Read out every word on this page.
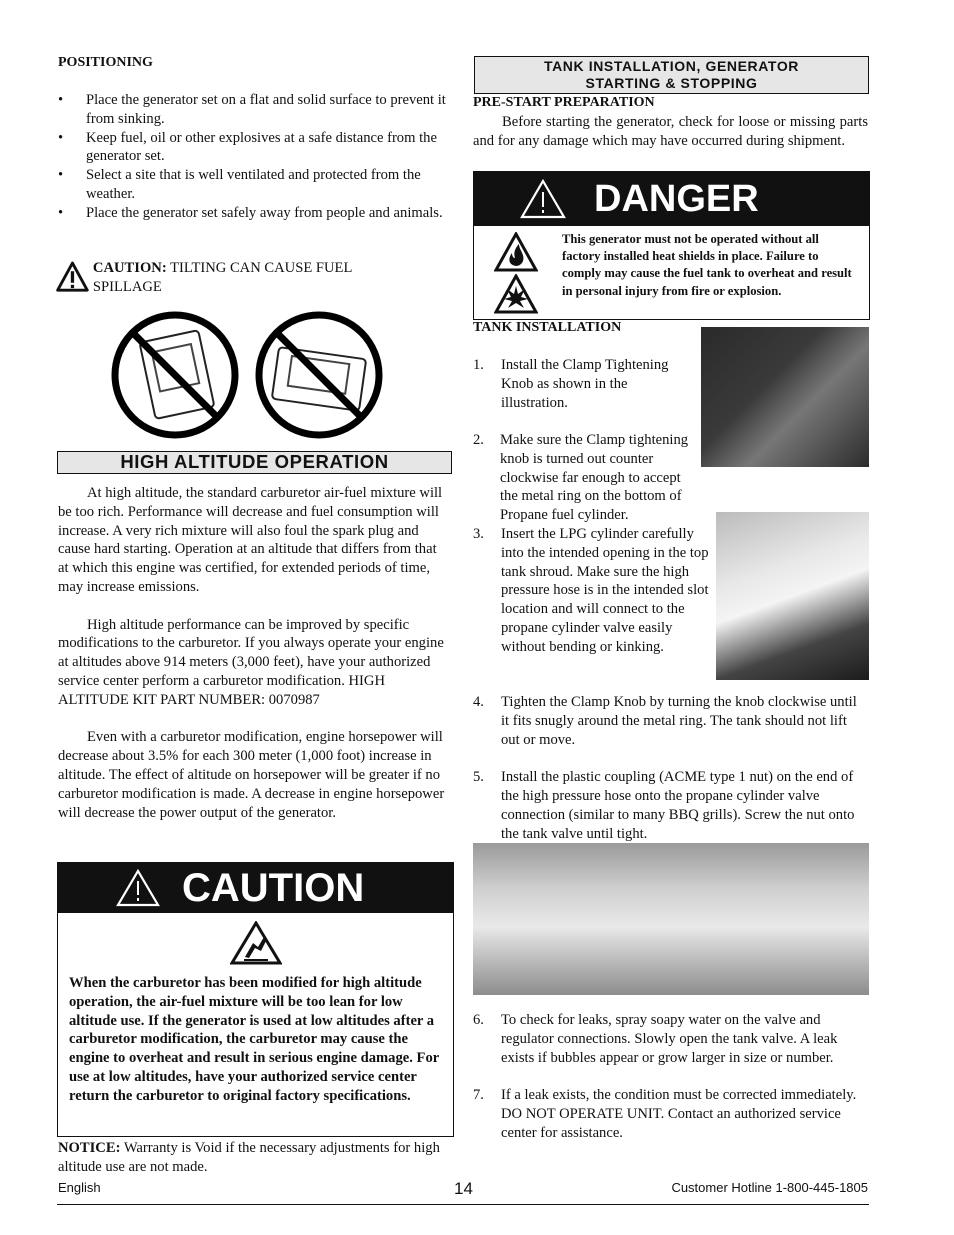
POSITIONING
• Place the generator set on a flat and solid surface to prevent it from sinking.
• Keep fuel, oil or other explosives at a safe distance from the generator set.
• Select a site that is well ventilated and protected from the weather.
• Place the generator set safely away from people and animals.
CAUTION: TILTING CAN CAUSE FUEL SPILLAGE
HIGH ALTITUDE OPERATION

At high altitude, the standard carburetor air-fuel mixture will be too rich. Performance will decrease and fuel consumption will increase. A very rich mixture will also foul the spark plug and cause hard starting. Operation at an altitude that differs from that at which this engine was certified, for extended periods of time, may increase emissions.

High altitude performance can be improved by specific modifications to the carburetor. If you always operate your engine at altitudes above 914 meters (3,000 feet), have your authorized service center perform a carburetor modification. HIGH ALTITUDE KIT PART NUMBER: 0070987

Even with a carburetor modification, engine horsepower will decrease about 3.5% for each 300 meter (1,000 foot) increase in altitude. The effect of altitude on horsepower will be greater if no carburetor modification is made. A decrease in engine horsepower will decrease the power output of the generator.

CAUTION
When the carburetor has been modified for high altitude operation, the air-fuel mixture will be too lean for low altitude use. If the generator is used at low altitudes after a carburetor modification, the carburetor may cause the engine to overheat and result in serious engine damage. For use at low altitudes, have your authorized service center return the carburetor to original factory specifications.
NOTICE: Warranty is Void if the necessary adjustments for high altitude use are not made.
TANK INSTALLATION, GENERATOR
STARTING & STOPPING
PRE-START PREPARATION

Before starting the generator, check for loose or missing parts and for any damage which may have occurred during shipment.

DANGER
This generator must not be operated without all factory installed heat shields in place. Failure to comply may cause the fuel tank to overheat and result in personal injury from fire or explosion.
TANK INSTALLATION
1. Install the Clamp Tightening Knob as shown in the illustration.
2. Make sure the Clamp tightening knob is turned out counter clockwise far enough to accept the metal ring on the bottom of Propane fuel cylinder.
3. Insert the LPG cylinder carefully into the intended opening in the top tank shroud. Make sure the high pressure hose is in the intended slot location and will connect to the propane cylinder valve easily without bending or kinking.
4. Tighten the Clamp Knob by turning the knob clockwise until it fits snugly around the metal ring. The tank should not lift out or move.
5. Install the plastic coupling (ACME type 1 nut) on the end of the high pressure hose onto the propane cylinder valve connection (similar to many BBQ grills). Screw the nut onto the tank valve until tight.
6. To check for leaks, spray soapy water on the valve and regulator connections. Slowly open the tank valve. A leak exists if bubbles appear or grow larger in size or number.
7. If a leak exists, the condition must be corrected immediately. DO NOT OPERATE UNIT. Contact an authorized service center for assistance.
English	14	Customer Hotline 1-800-445-1805
